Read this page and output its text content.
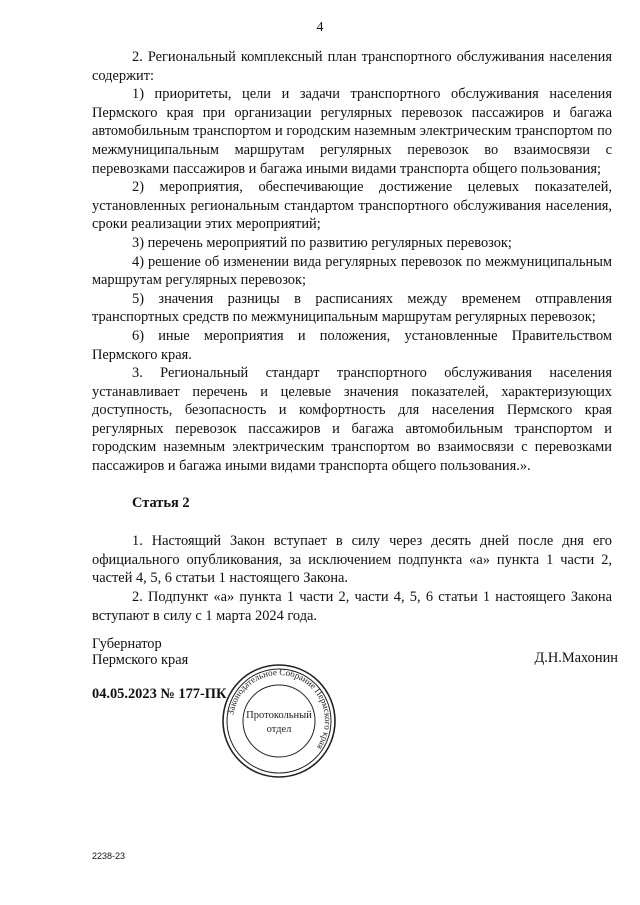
4

2. Региональный комплексный план транспортного обслуживания населения содержит:

1) приоритеты, цели и задачи транспортного обслуживания населения Пермского края при организации регулярных перевозок пассажиров и багажа автомобильным транспортом и городским наземным электрическим транспортом по межмуниципальным маршрутам регулярных перевозок во взаимосвязи с перевозками пассажиров и багажа иными видами транспорта общего пользования;

2) мероприятия, обеспечивающие достижение целевых показателей, установленных региональным стандартом транспортного обслуживания населения, сроки реализации этих мероприятий;

3) перечень мероприятий по развитию регулярных перевозок;

4) решение об изменении вида регулярных перевозок по межмуниципальным маршрутам регулярных перевозок;

5) значения разницы в расписаниях между временем отправления транспортных средств по межмуниципальным маршрутам регулярных перевозок;

6) иные мероприятия и положения, установленные Правительством Пермского края.

3. Региональный стандарт транспортного обслуживания населения устанавливает перечень и целевые значения показателей, характеризующих доступность, безопасность и комфортность для населения Пермского края регулярных перевозок пассажиров и багажа автомобильным транспортом и городским наземным электрическим транспортом во взаимосвязи с перевозками пассажиров и багажа иными видами транспорта общего пользования.».

Статья 2

1. Настоящий Закон вступает в силу через десять дней после дня его официального опубликования, за исключением подпункта «а» пункта 1 части 2, частей 4, 5, 6 статьи 1 настоящего Закона.

2. Подпункт «а» пункта 1 части 2, части 4, 5, 6 статьи 1 настоящего Закона вступают в силу с 1 марта 2024 года.

Губернатор
Пермского края	Д.Н.Махонин
Законодательное Собрание Пермского края
Протокольный
отдел
04.05.2023 № 177-ПК
2238-23
